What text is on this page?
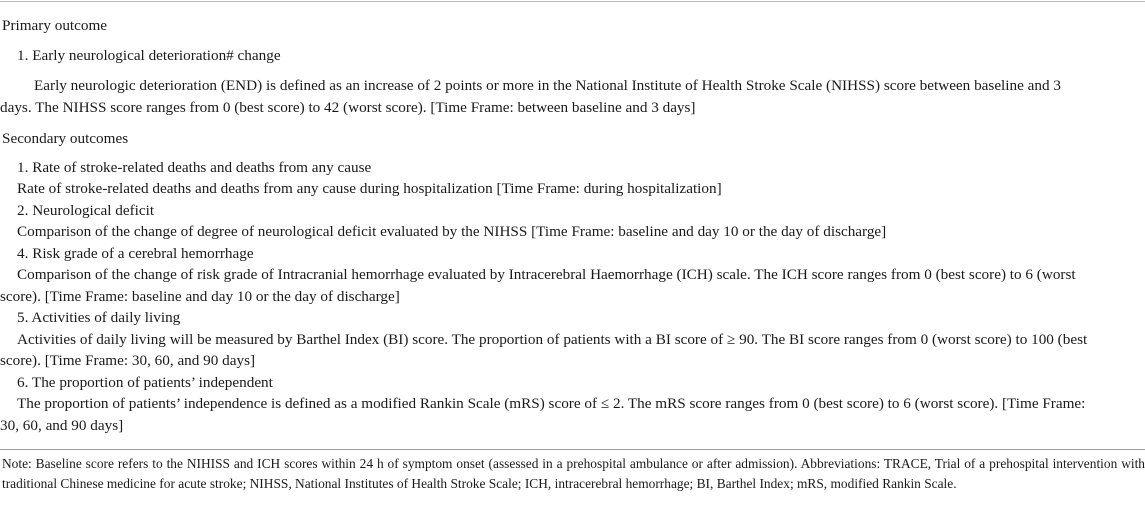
Primary outcome
1. Early neurological deterioration# change
Early neurologic deterioration (END) is defined as an increase of 2 points or more in the National Institute of Health Stroke Scale (NIHSS) score between baseline and 3
days. The NIHSS score ranges from 0 (best score) to 42 (worst score). [Time Frame: between baseline and 3 days]
Secondary outcomes
1. Rate of stroke-related deaths and deaths from any cause
Rate of stroke-related deaths and deaths from any cause during hospitalization [Time Frame: during hospitalization]
2. Neurological deficit
Comparison of the change of degree of neurological deficit evaluated by the NIHSS [Time Frame: baseline and day 10 or the day of discharge]
4. Risk grade of a cerebral hemorrhage
Comparison of the change of risk grade of Intracranial hemorrhage evaluated by Intracerebral Haemorrhage (ICH) scale. The ICH score ranges from 0 (best score) to 6 (worst
score). [Time Frame: baseline and day 10 or the day of discharge]
5. Activities of daily living
Activities of daily living will be measured by Barthel Index (BI) score. The proportion of patients with a BI score of ≥ 90. The BI score ranges from 0 (worst score) to 100 (best
score). [Time Frame: 30, 60, and 90 days]
6. The proportion of patients’ independent
The proportion of patients’ independence is defined as a modified Rankin Scale (mRS) score of ≤ 2. The mRS score ranges from 0 (best score) to 6 (worst score). [Time Frame:
30, 60, and 90 days]
Note: Baseline score refers to the NIHISS and ICH scores within 24 h of symptom onset (assessed in a prehospital ambulance or after admission). Abbreviations: TRACE, Trial of a prehospital intervention with traditional Chinese medicine for acute stroke; NIHSS, National Institutes of Health Stroke Scale; ICH, intracerebral hemorrhage; BI, Barthel Index; mRS, modified Rankin Scale.
